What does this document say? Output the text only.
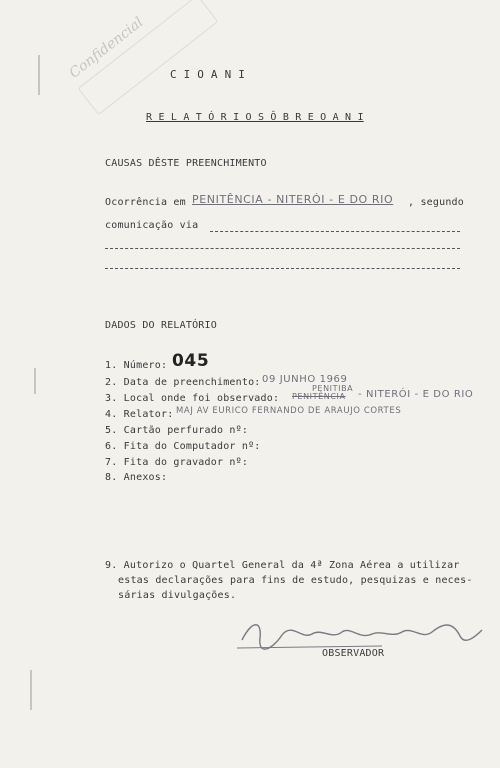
Confidencial C I O A N I
R E L A T Ó R I O S Ô B R E O A N I
CAUSAS DÊSTE PREENCHIMENTO
Ocorrência em PENITÊNCIA - NITERÓI - E DO RIO , segundo
comunicação via
DADOS DO RELATÓRIO
1. Número: 045
2. Data de preenchimento: 09 JUNHO 1969
PENITIBA
3. Local onde foi observado: PENITÊNCIA - NITERÓI - E DO RIO
4. Relator: MAJ AV EURICO FERNANDO DE ARAUJO CORTES
5. Cartão perfurado nº:
6. Fita do Computador nº:
7. Fita do gravador nº:
8. Anexos:
9. Autorizo o Quartel General da 4ª Zona Aérea a utilizar
estas declarações para fins de estudo, pesquizas e neces-
sárias divulgações.
OBSERVADOR
